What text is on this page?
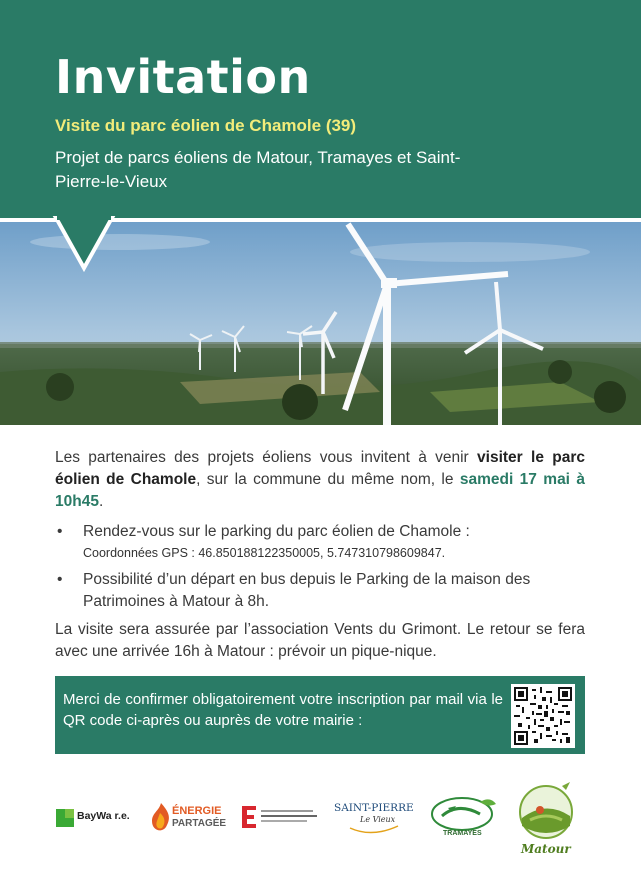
Invitation
Visite du parc éolien de Chamole (39)
Projet de parcs éoliens de Matour, Tramayes et Saint-Pierre-le-Vieux

Les partenaires des projets éoliens vous invitent à venir visiter le parc éolien de Chamole, sur la commune du même nom, le samedi 17 mai à 10h45.

• Rendez-vous sur le parking du parc éolien de Chamole :
Coordonnées GPS : 46.850188122350005, 5.747310798609847.
• Possibilité d’un départ en bus depuis le Parking de la maison des Patrimoines à Matour à 8h.

La visite sera assurée par l’association Vents du Grimont. Le retour se fera avec une arrivée 16h à Matour : prévoir un pique-nique.

Merci de confirmer obligatoirement votre inscription par mail via le QR code ci-après ou auprès de votre mairie :
BayWa r.e.	ÉNERGIE
PARTAGÉE
SAINT-PIERRE
Le Vieux
TRAMAYES
Matour
